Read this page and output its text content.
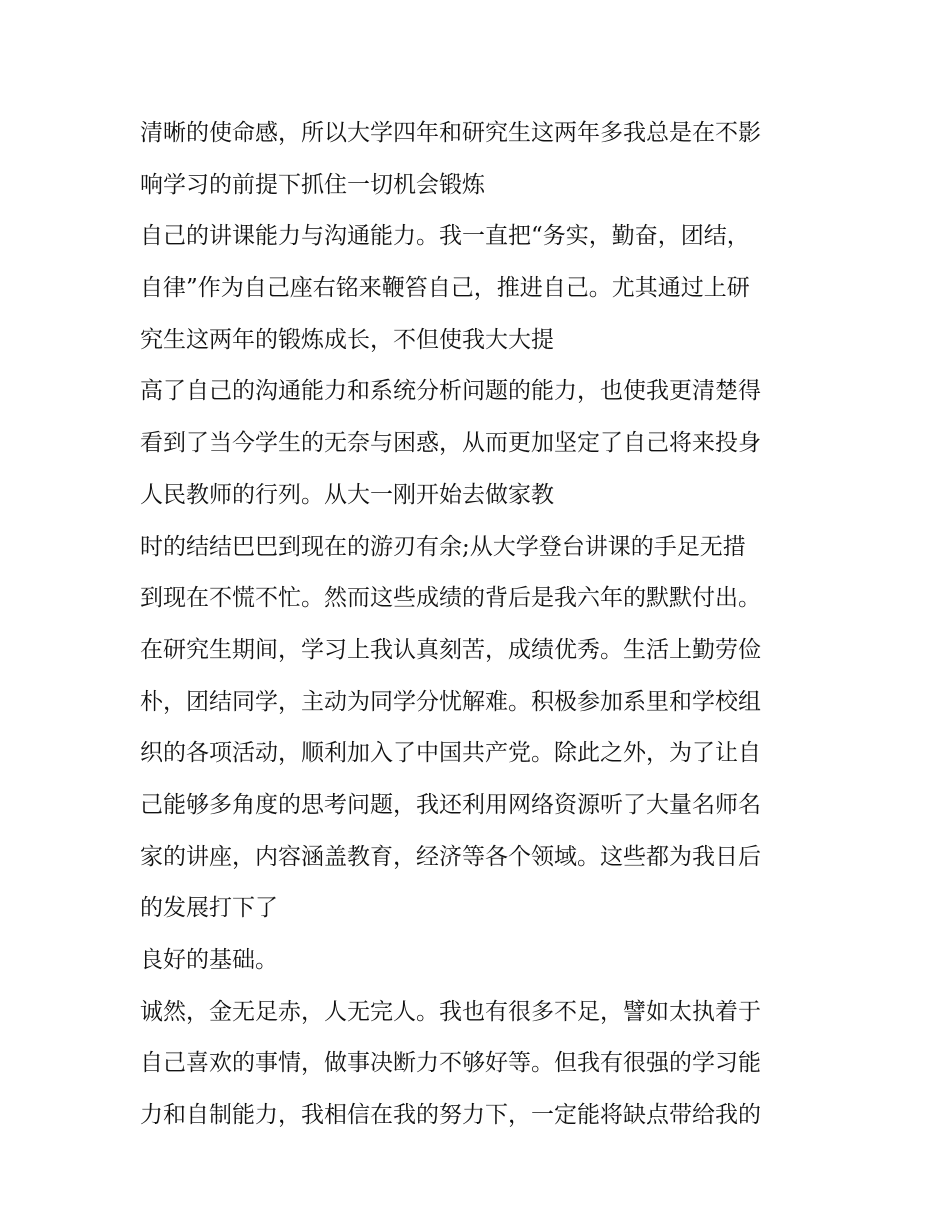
清晰的使命感，所以大学四年和研究生这两年多我总是在不影
响学习的前提下抓住一切机会锻炼
自己的讲课能力与沟通能力。我一直把“务实，勤奋，团结，
自律”作为自己座右铭来鞭笞自己，推进自己。尤其通过上研
究生这两年的锻炼成长，不但使我大大提
高了自己的沟通能力和系统分析问题的能力，也使我更清楚得
看到了当今学生的无奈与困惑，从而更加坚定了自己将来投身
人民教师的行列。从大一刚开始去做家教
时的结结巴巴到现在的游刃有余;从大学登台讲课的手足无措
到现在不慌不忙。然而这些成绩的背后是我六年的默默付出。
在研究生期间，学习上我认真刻苦，成绩优秀。生活上勤劳俭
朴，团结同学，主动为同学分忧解难。积极参加系里和学校组
织的各项活动，顺利加入了中国共产党。除此之外，为了让自
己能够多角度的思考问题，我还利用网络资源听了大量名师名
家的讲座，内容涵盖教育，经济等各个领域。这些都为我日后
的发展打下了
良好的基础。
诚然，金无足赤，人无完人。我也有很多不足，譬如太执着于
自己喜欢的事情，做事决断力不够好等。但我有很强的学习能
力和自制能力，我相信在我的努力下，一定能将缺点带给我的
